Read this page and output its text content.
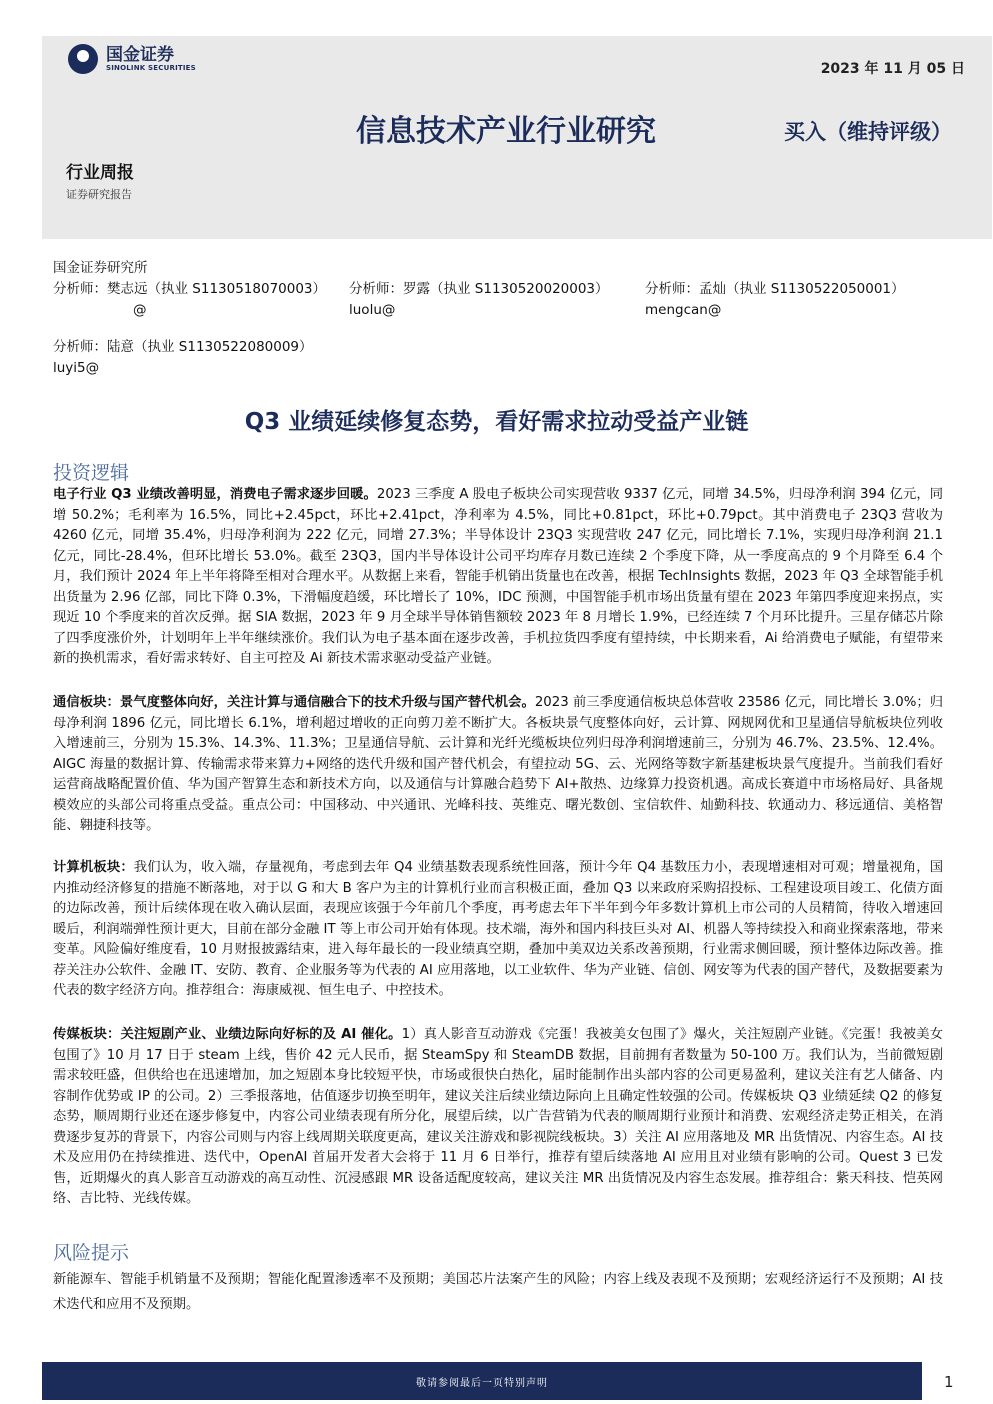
国金证券
SINOLINK SECURITIES	2023 年 11 月 05 日
信息技术产业行业研究	买入（维持评级）
行业周报
证券研究报告
国金证券研究所
分析师：樊志远（执业 S1130518070003）
@
分析师：罗露（执业 S1130520020003）
luolu@
分析师：孟灿（执业 S1130522050001）
mengcan@
分析师：陆意（执业 S1130522080009）
luyi5@
Q3 业绩延续修复态势，看好需求拉动受益产业链
投资逻辑

电子行业 Q3 业绩改善明显，消费电子需求逐步回暖。2023 三季度 A 股电子板块公司实现营收 9337 亿元，同增 34.5%，归母净利润 394 亿元，同增 50.2%；毛利率为 16.5%，同比+2.45pct，环比+2.41pct，净利率为 4.5%，同比+0.81pct，环比+0.79pct。其中消费电子 23Q3 营收为 4260 亿元，同增 35.4%，归母净利润为 222 亿元，同增 27.3%；半导体设计 23Q3 实现营收 247 亿元，同比增长 7.1%，实现归母净利润 21.1 亿元，同比-28.4%，但环比增长 53.0%。截至 23Q3，国内半导体设计公司平均库存月数已连续 2 个季度下降，从一季度高点的 9 个月降至 6.4 个月，我们预计 2024 年上半年将降至相对合理水平。从数据上来看，智能手机销出货量也在改善，根据 TechInsights 数据，2023 年 Q3 全球智能手机出货量为 2.96 亿部，同比下降 0.3%，下滑幅度趋缓，环比增长了 10%，IDC 预测，中国智能手机市场出货量有望在 2023 年第四季度迎来拐点，实现近 10 个季度来的首次反弹。据 SIA 数据，2023 年 9 月全球半导体销售额较 2023 年 8 月增长 1.9%，已经连续 7 个月环比提升。三星存储芯片除了四季度涨价外，计划明年上半年继续涨价。我们认为电子基本面在逐步改善，手机拉货四季度有望持续，中长期来看，Ai 给消费电子赋能，有望带来新的换机需求，看好需求转好、自主可控及 Ai 新技术需求驱动受益产业链。

通信板块：景气度整体向好，关注计算与通信融合下的技术升级与国产替代机会。2023 前三季度通信板块总体营收 23586 亿元，同比增长 3.0%；归母净利润 1896 亿元，同比增长 6.1%，增利超过增收的正向剪刀差不断扩大。各板块景气度整体向好，云计算、网规网优和卫星通信导航板块位列收入增速前三，分别为 15.3%、14.3%、11.3%；卫星通信导航、云计算和光纤光缆板块位列归母净利润增速前三，分别为 46.7%、23.5%、12.4%。AIGC 海量的数据计算、传输需求带来算力+网络的迭代升级和国产替代机会，有望拉动 5G、云、光网络等数字新基建板块景气度提升。当前我们看好运营商战略配置价值、华为国产智算生态和新技术方向，以及通信与计算融合趋势下 AI+散热、边缘算力投资机遇。高成长赛道中市场格局好、具备规模效应的头部公司将重点受益。重点公司：中国移动、中兴通讯、光峰科技、英维克、曙光数创、宝信软件、灿勤科技、软通动力、移远通信、美格智能、翱捷科技等。

计算机板块：我们认为，收入端，存量视角，考虑到去年 Q4 业绩基数表现系统性回落，预计今年 Q4 基数压力小，表现增速相对可观；增量视角，国内推动经济修复的措施不断落地，对于以 G 和大 B 客户为主的计算机行业而言积极正面，叠加 Q3 以来政府采购招投标、工程建设项目竣工、化债方面的边际改善，预计后续体现在收入确认层面，表现应该强于今年前几个季度，再考虑去年下半年到今年多数计算机上市公司的人员精简，待收入增速回暖后，利润端弹性预计更大，目前在部分金融 IT 等上市公司开始有体现。技术端，海外和国内科技巨头对 AI、机器人等持续投入和商业探索落地，带来变革。风险偏好维度看，10 月财报披露结束，进入每年最长的一段业绩真空期，叠加中美双边关系改善预期，行业需求侧回暖，预计整体边际改善。推荐关注办公软件、金融 IT、安防、教育、企业服务等为代表的 AI 应用落地，以工业软件、华为产业链、信创、网安等为代表的国产替代，及数据要素为代表的数字经济方向。推荐组合：海康威视、恒生电子、中控技术。

传媒板块：关注短剧产业、业绩边际向好标的及 AI 催化。1）真人影音互动游戏《完蛋！我被美女包围了》爆火，关注短剧产业链。《完蛋！我被美女包围了》10 月 17 日于 steam 上线，售价 42 元人民币，据 SteamSpy 和 SteamDB 数据，目前拥有者数量为 50-100 万。我们认为，当前微短剧需求较旺盛，但供给也在迅速增加，加之短剧本身比较短平快，市场或很快白热化，届时能制作出头部内容的公司更易盈利，建议关注有艺人储备、内容制作优势或 IP 的公司。2）三季报落地，估值逐步切换至明年，建议关注后续业绩边际向上且确定性较强的公司。传媒板块 Q3 业绩延续 Q2 的修复态势，顺周期行业还在逐步修复中，内容公司业绩表现有所分化，展望后续，以广告营销为代表的顺周期行业预计和消费、宏观经济走势正相关，在消费逐步复苏的背景下，内容公司则与内容上线周期关联度更高，建议关注游戏和影视院线板块。3）关注 AI 应用落地及 MR 出货情况、内容生态。AI 技术及应用仍在持续推进、迭代中，OpenAI 首届开发者大会将于 11 月 6 日举行，推荐有望后续落地 AI 应用且对业绩有影响的公司。Quest 3 已发售，近期爆火的真人影音互动游戏的高互动性、沉浸感跟 MR 设备适配度较高，建议关注 MR 出货情况及内容生态发展。推荐组合：紫天科技、恺英网络、吉比特、光线传媒。

风险提示

新能源车、智能手机销量不及预期；智能化配置渗透率不及预期；美国芯片法案产生的风险；内容上线及表现不及预期；宏观经济运行不及预期；AI 技术迭代和应用不及预期。

敬请参阅最后一页特别声明	1
